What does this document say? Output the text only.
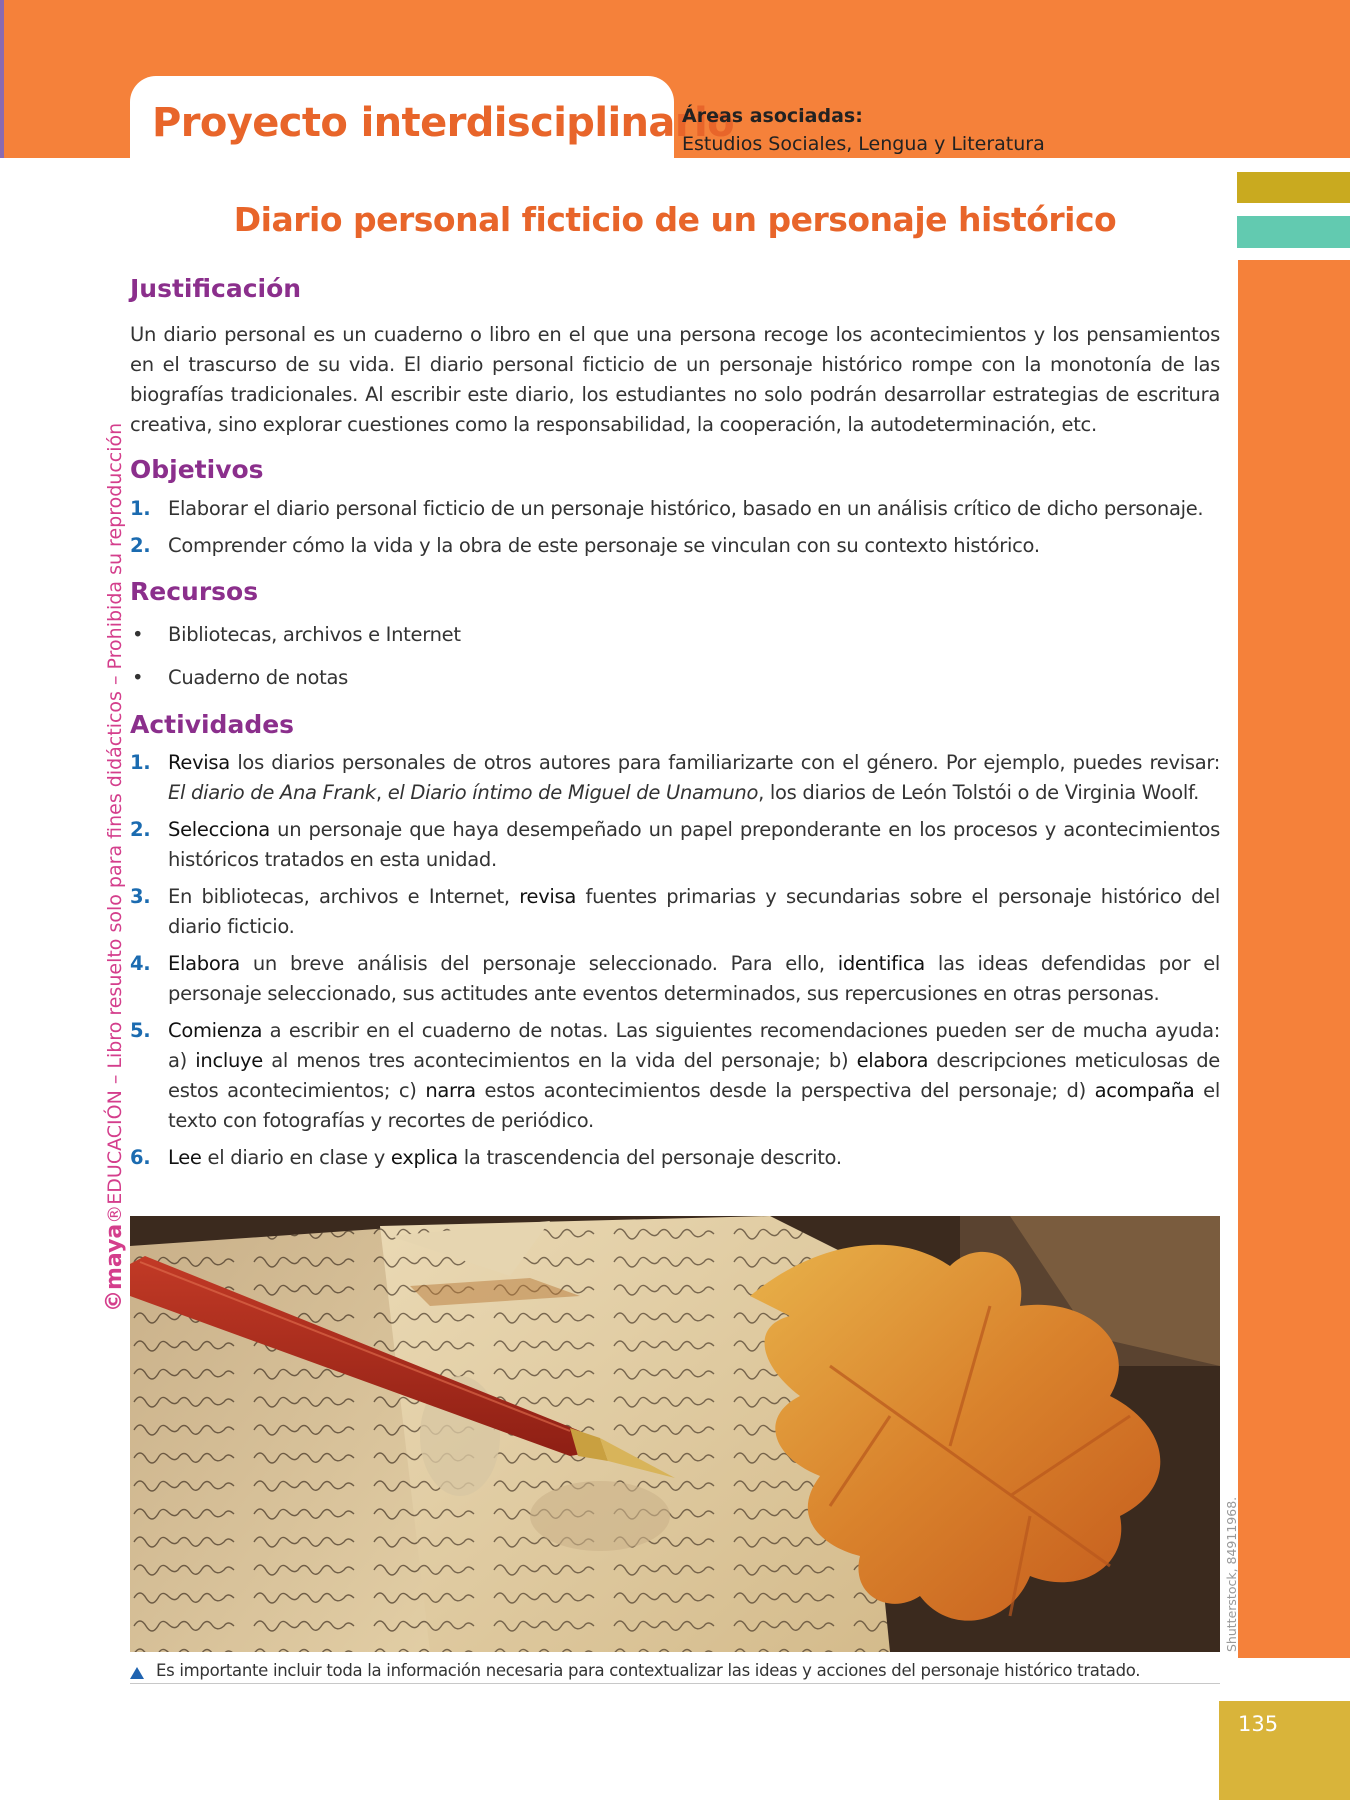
Proyecto interdisciplinario
Áreas asociadas:
Estudios Sociales, Lengua y Literatura
135
©maya®EDUCACIÓN – Libro resuelto solo para fines didácticos – Prohibida su reproducción
Diario personal ficticio de un personaje histórico
Justificación
Un diario personal es un cuaderno o libro en el que una persona recoge los acontecimientos y los pensamientos en el trascurso de su vida. El diario personal ficticio de un personaje histórico rompe con la monotonía de las biografías tradicionales. Al escribir este diario, los estudiantes no solo podrán desarrollar estrategias de escritura creativa, sino explorar cuestiones como la responsabilidad, la cooperación, la autodeterminación, etc.
Objetivos
1. Elaborar el diario personal ficticio de un personaje histórico, basado en un análisis crítico de dicho personaje.
2. Comprender cómo la vida y la obra de este personaje se vinculan con su contexto histórico.
Recursos
• Bibliotecas, archivos e Internet
• Cuaderno de notas
Actividades
1. Revisa los diarios personales de otros autores para familiarizarte con el género. Por ejemplo, puedes revisar: El diario de Ana Frank, el Diario íntimo de Miguel de Unamuno, los diarios de León Tolstói o de Virginia Woolf.
2. Selecciona un personaje que haya desempeñado un papel preponderante en los procesos y acontecimientos históricos tratados en esta unidad.
3. En bibliotecas, archivos e Internet, revisa fuentes primarias y secundarias sobre el personaje histórico del diario ficticio.
4. Elabora un breve análisis del personaje seleccionado. Para ello, identifica las ideas defendidas por el personaje seleccionado, sus actitudes ante eventos determinados, sus repercusiones en otras personas.
5. Comienza a escribir en el cuaderno de notas. Las siguientes recomendaciones pueden ser de mucha ayuda: a) incluye al menos tres acontecimientos en la vida del personaje; b) elabora descripciones meticulosas de estos acontecimientos; c) narra estos acontecimientos desde la perspectiva del personaje; d) acompaña el texto con fotografías y recortes de periódico.
6. Lee el diario en clase y explica la trascendencia del personaje descrito.
Shutterstock, 84911968.
Es importante incluir toda la información necesaria para contextualizar las ideas y acciones del personaje histórico tratado.
